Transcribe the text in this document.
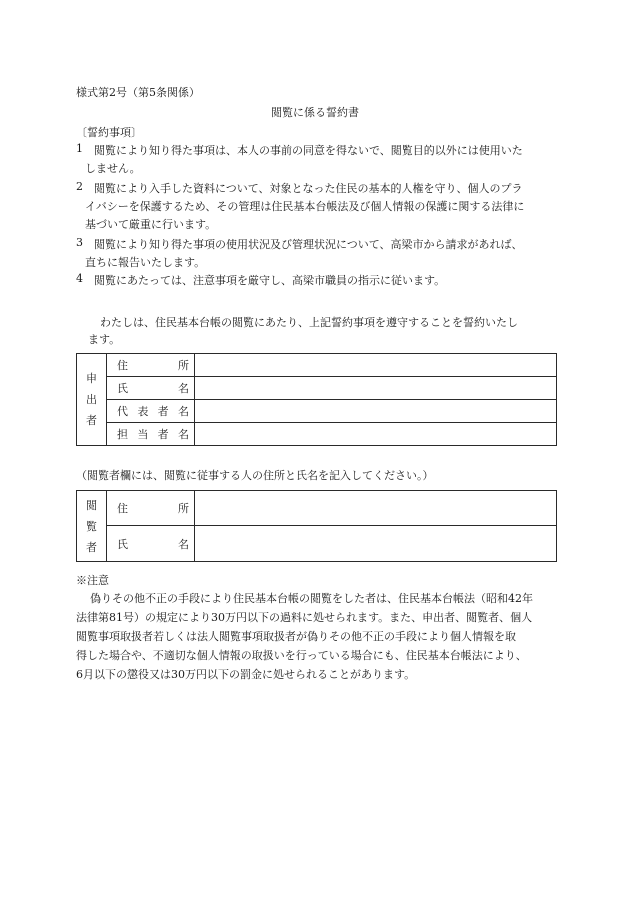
様式第2号（第5条関係）
閲覧に係る誓約書
〔誓約事項〕
1 閲覧により知り得た事項は、本人の事前の同意を得ないで、閲覧目的以外には使用いた
しません。
2 閲覧により入手した資料について、対象となった住民の基本的人権を守り、個人のプラ
イバシーを保護するため、その管理は住民基本台帳法及び個人情報の保護に関する法律に
基づいて厳重に行います。
3 閲覧により知り得た事項の使用状況及び管理状況について、高梁市から請求があれば、
直ちに報告いたします。
4 閲覧にあたっては、注意事項を厳守し、高梁市職員の指示に従います。
わたしは、住民基本台帳の閲覧にあたり、上記誓約事項を遵守することを誓約いたし
ます。
申
出
者	住 所	

	氏 名	

	代 表 者 名	

	担 当 者 名	

（閲覧者欄には、閲覧に従事する人の住所と氏名を記入してください。）
閲
覧
者	住 所	

	氏 名	

※注意
偽りその他不正の手段により住民基本台帳の閲覧をした者は、住民基本台帳法（昭和42年
法律第81号）の規定により30万円以下の過料に処せられます。また、申出者、閲覧者、個人
閲覧事項取扱者若しくは法人閲覧事項取扱者が偽りその他不正の手段により個人情報を取
得した場合や、不適切な個人情報の取扱いを行っている場合にも、住民基本台帳法により、
6月以下の懲役又は30万円以下の罰金に処せられることがあります。
